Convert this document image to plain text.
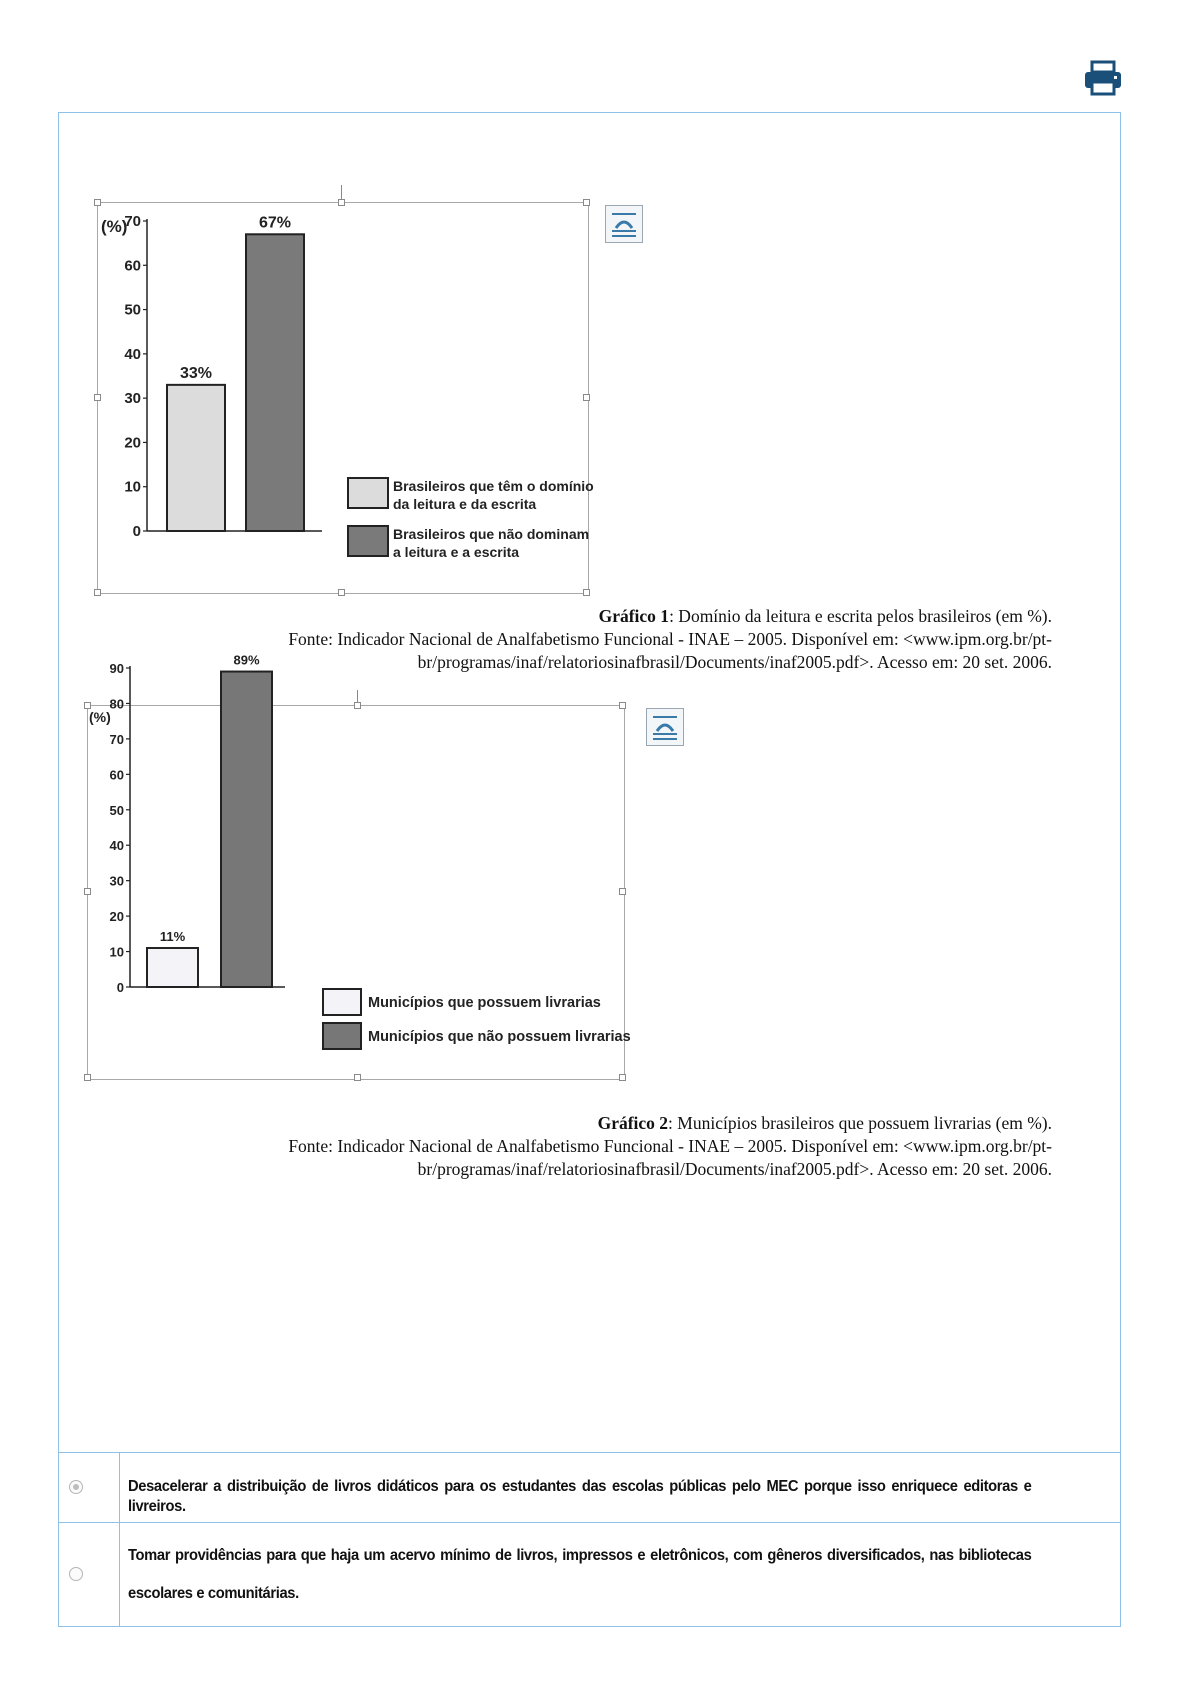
(%)
0
10
20
30
40
50
60
70
33%
67%
Brasileiros que têm o domínio
da leitura e da escrita
Brasileiros que não dominam
a leitura e a escrita
Gráfico 1: Domínio da leitura e escrita pelos brasileiros (em %).
Fonte: Indicador Nacional de Analfabetismo Funcional - INAE – 2005. Disponível em: <www.ipm.org.br/pt-
br/programas/inaf/relatoriosinafbrasil/Documents/inaf2005.pdf>. Acesso em: 20 set. 2006.
(%)
0
10
20
30
40
50
60
70
80
90
11%
89%
Municípios que possuem livrarias
Municípios que não possuem livrarias
Gráfico 2: Municípios brasileiros que possuem livrarias (em %).
Fonte: Indicador Nacional de Analfabetismo Funcional - INAE – 2005. Disponível em: <www.ipm.org.br/pt-
br/programas/inaf/relatoriosinafbrasil/Documents/inaf2005.pdf>. Acesso em: 20 set. 2006.
Desacelerar a distribuição de livros didáticos para os estudantes das escolas públicas pelo MEC porque isso enriquece editoras e livreiros.
Tomar providências para que haja um acervo mínimo de livros, impressos e eletrônicos, com gêneros diversificados, nas bibliotecas escolares e comunitárias.
